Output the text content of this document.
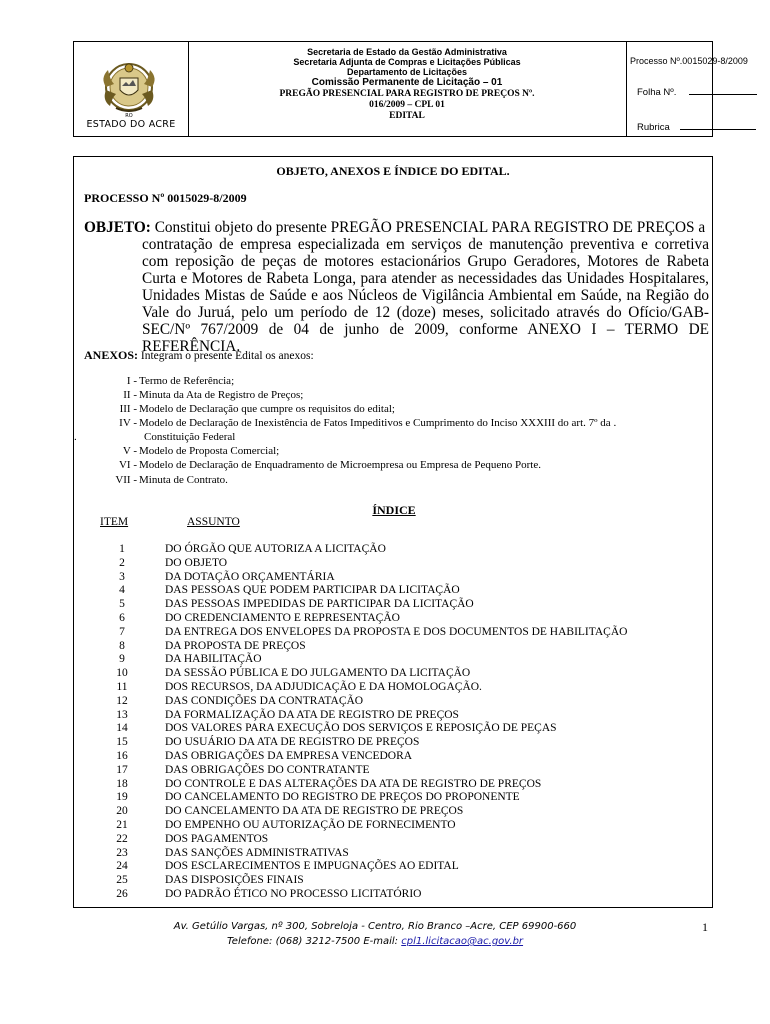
RO
ESTADO DO ACRE
Secretaria de Estado da Gestão Administrativa
Secretaria Adjunta de Compras e Licitações Públicas
Departamento de Licitações
Comissão Permanente de Licitação – 01
PREGÃO PRESENCIAL PARA REGISTRO DE PREÇOS Nº.
016/2009 – CPL 01
EDITAL
Processo Nº.0015029-8/2009
Folha Nº.
Rubrica
OBJETO, ANEXOS E ÍNDICE DO EDITAL.
PROCESSO Nº 0015029-8/2009
OBJETO: Constitui objeto do presente PREGÃO PRESENCIAL PARA REGISTRO DE PREÇOS a
contratação de empresa especializada em serviços de manutenção preventiva e corretiva com reposição de peças de motores estacionários Grupo Geradores, Motores de Rabeta Curta e Motores de Rabeta Longa, para atender as necessidades das Unidades Hospitalares, Unidades Mistas de Saúde e aos Núcleos de Vigilância Ambiental em Saúde, na Região do Vale do Juruá, pelo um período de 12 (doze) meses, solicitado através do Ofício/GAB-SEC/Nº 767/2009 de 04 de junho de 2009, conforme ANEXO I – TERMO DE REFERÊNCIA.
ANEXOS: Integram o presente Edital os anexos:
I - Termo de Referência;
II - Minuta da Ata de Registro de Preços;
III - Modelo de Declaração que cumpre os requisitos do edital;
IV - Modelo de Declaração de Inexistência de Fatos Impeditivos e Cumprimento do Inciso XXXIII do art. 7º da .
.	Constituição Federal
V - Modelo de Proposta Comercial;
VI - Modelo de Declaração de Enquadramento de Microempresa ou Empresa de Pequeno Porte.
VII - Minuta de Contrato.
ÍNDICE
ITEM	ASSUNTO
1	DO ÓRGÃO QUE AUTORIZA A LICITAÇÃO
2	DO OBJETO
3	DA DOTAÇÃO ORÇAMENTÁRIA
4	DAS PESSOAS QUE PODEM PARTICIPAR DA LICITAÇÃO
5	DAS PESSOAS IMPEDIDAS DE PARTICIPAR DA LICITAÇÃO
6	DO CREDENCIAMENTO E REPRESENTAÇÃO
7	DA ENTREGA DOS ENVELOPES DA PROPOSTA E DOS DOCUMENTOS DE HABILITAÇÃO
8	DA PROPOSTA DE PREÇOS
9	DA HABILITAÇÃO
10	DA SESSÃO PÚBLICA E DO JULGAMENTO DA LICITAÇÃO
11	DOS RECURSOS, DA ADJUDICAÇÃO E DA HOMOLOGAÇÃO.
12	DAS CONDIÇÕES DA CONTRATAÇÃO
13	DA FORMALIZAÇÃO DA ATA DE REGISTRO DE PREÇOS
14	DOS VALORES PARA EXECUÇÃO DOS SERVIÇOS E REPOSIÇÃO DE PEÇAS
15	DO USUÁRIO DA ATA DE REGISTRO DE PREÇOS
16	DAS OBRIGAÇÕES DA EMPRESA VENCEDORA
17	DAS OBRIGAÇÕES DO CONTRATANTE
18	DO CONTROLE E DAS ALTERAÇÕES DA ATA DE REGISTRO DE PREÇOS
19	DO CANCELAMENTO DO REGISTRO DE PREÇOS DO PROPONENTE
20	DO CANCELAMENTO DA ATA DE REGISTRO DE PREÇOS
21	DO EMPENHO OU AUTORIZAÇÃO DE FORNECIMENTO
22	DOS PAGAMENTOS
23	DAS SANÇÕES ADMINISTRATIVAS
24	DOS ESCLARECIMENTOS E IMPUGNAÇÕES AO EDITAL
25	DAS DISPOSIÇÕES FINAIS
26	DO PADRÃO ÉTICO NO PROCESSO LICITATÓRIO
Av. Getúlio Vargas, nº 300, Sobreloja - Centro, Rio Branco –Acre, CEP 69900-660
Telefone: (068) 3212-7500 E-mail: cpl1.licitacao@ac.gov.br
1
